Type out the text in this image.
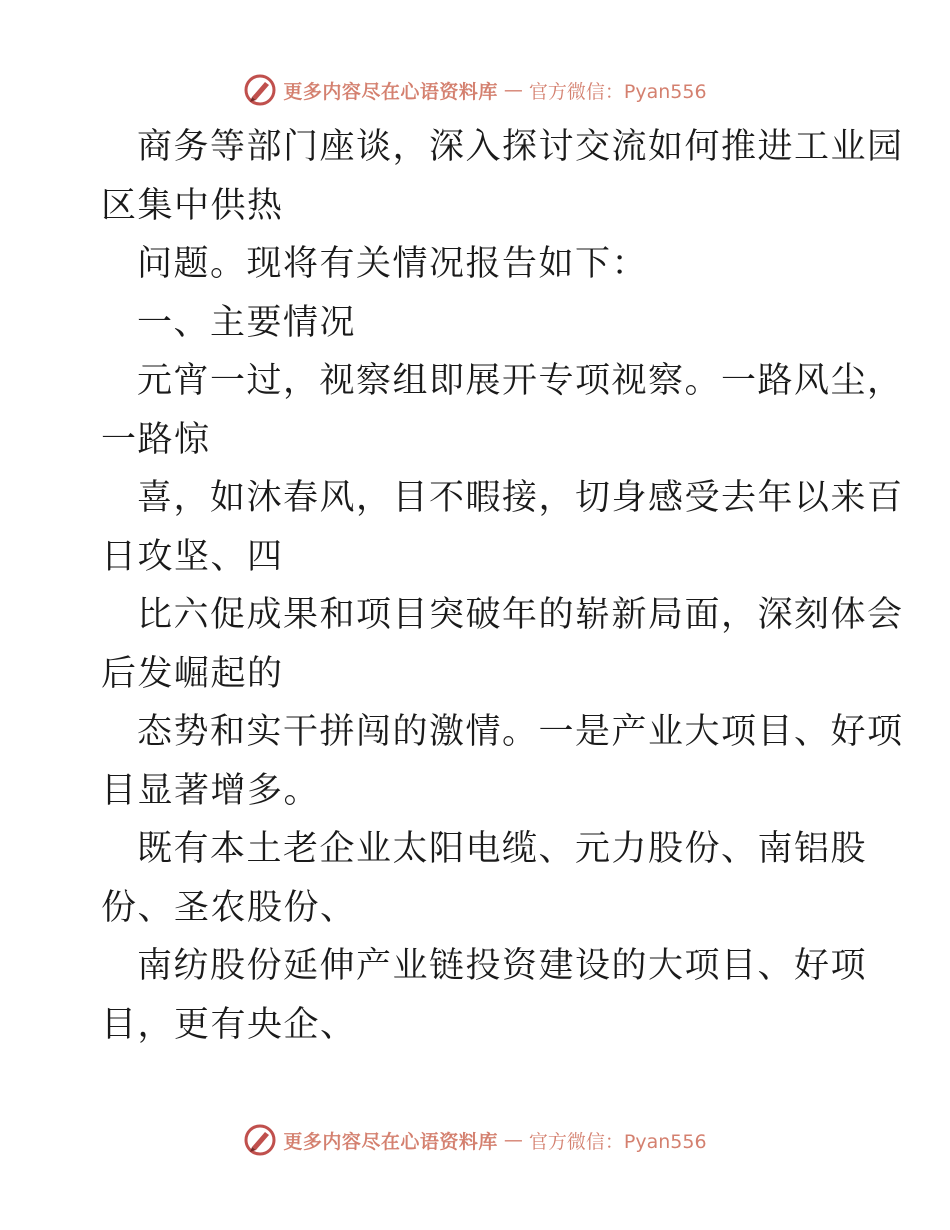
更多内容尽在心语资料库 — 官方微信：Pyan556
商务等部门座谈，深入探讨交流如何推进工业园
区集中供热
问题。现将有关情况报告如下：
一、主要情况
元宵一过，视察组即展开专项视察。一路风尘，
一路惊
喜，如沐春风，目不暇接，切身感受去年以来百
日攻坚、四
比六促成果和项目突破年的崭新局面，深刻体会
后发崛起的
态势和实干拼闯的激情。一是产业大项目、好项
目显著增多。
既有本土老企业太阳电缆、元力股份、南铝股
份、圣农股份、
南纺股份延伸产业链投资建设的大项目、好项
目，更有央企、
更多内容尽在心语资料库 — 官方微信：Pyan556
